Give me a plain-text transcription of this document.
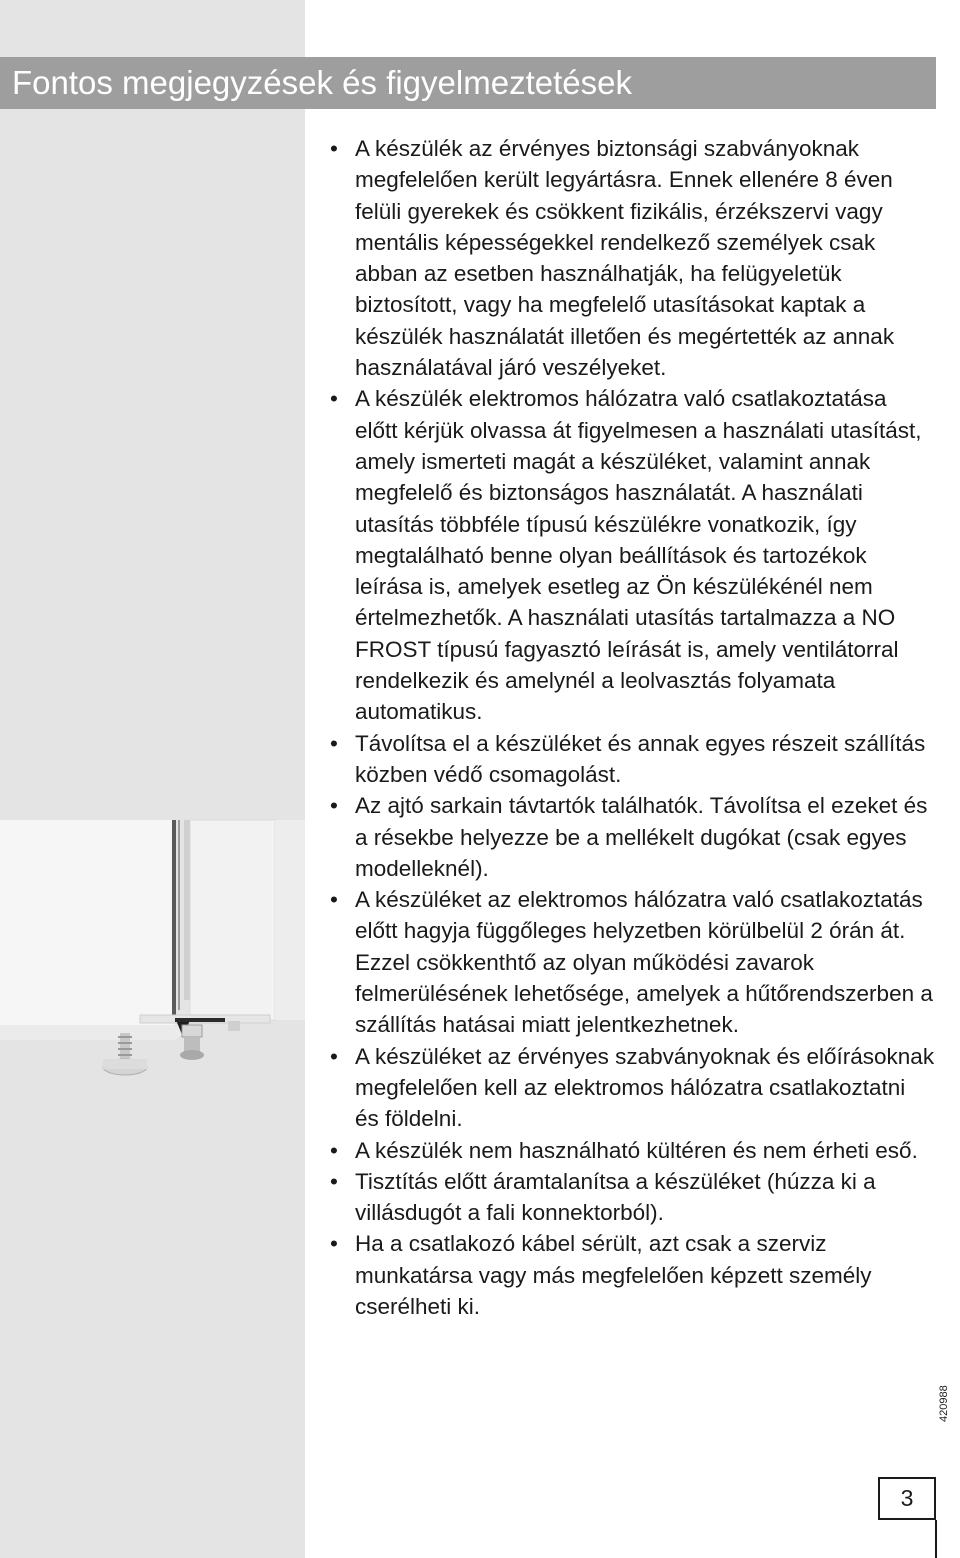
Fontos megjegyzések és figyelmeztetések
• A készülék az érvényes biztonsági szabványoknak megfelelően került legyártásra. Ennek ellenére 8 éven felüli gyerekek és csökkent fizikális, érzékszervi vagy mentális képességekkel rendelkező személyek csak abban az esetben használhatják, ha felügyeletük biztosított, vagy ha megfelelő utasításokat kaptak a készülék használatát illetően és megértették az annak használatával járó veszélyeket.
• A készülék elektromos hálózatra való csatlakoztatása előtt kérjük olvassa át figyelmesen a használati utasítást, amely ismerteti magát a készüléket, valamint annak megfelelő és biztonságos használatát. A használati utasítás többféle típusú készülékre vonatkozik, így megtalálható benne olyan beállítások és tartozékok leírása is, amelyek esetleg az Ön készülékénél nem értelmezhetők. A használati utasítás tartalmazza a NO FROST típusú fagyasztó leírását is, amely ventilátorral rendelkezik és amelynél a leolvasztás folyamata automatikus.
• Távolítsa el a készüléket és annak egyes részeit szállítás közben védő csomagolást.
• Az ajtó sarkain távtartók találhatók. Távolítsa el ezeket és a résekbe helyezze be a mellékelt dugókat (csak egyes modelleknél).
• A készüléket az elektromos hálózatra való csatlakoztatás előtt hagyja függőleges helyzetben körülbelül 2 órán át. Ezzel csökkenthtő az olyan működési zavarok felmerülésének lehetősége, amelyek a hűtőrendszerben a szállítás hatásai miatt jelentkezhetnek.
• A készüléket az érvényes szabványoknak és előírásoknak megfelelően kell az elektromos hálózatra csatlakoztatni és földelni.
• A készülék nem használható kültéren és nem érheti eső.
• Tisztítás előtt áramtalanítsa a készüléket (húzza ki a villásdugót a fali konnektorból).
• Ha a csatlakozó kábel sérült, azt csak a szerviz munkatársa vagy más megfelelően képzett személy cserélheti ki.
420988
3
